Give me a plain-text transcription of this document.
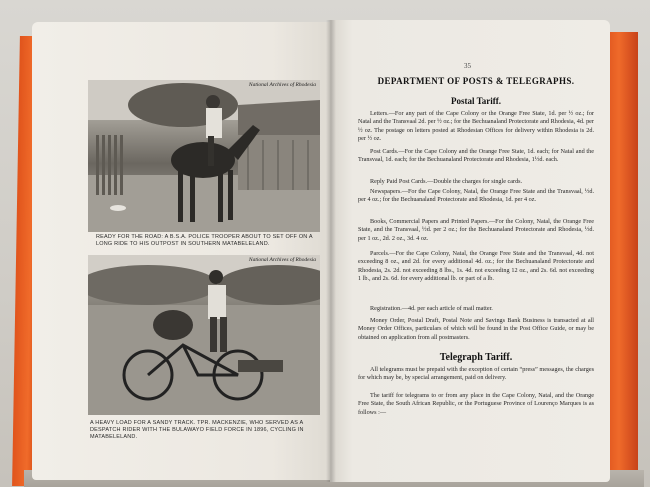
National Archives of Rhodesia
READY FOR THE ROAD: A B.S.A. POLICE TROOPER ABOUT TO SET OFF ON A LONG RIDE TO HIS OUTPOST IN SOUTHERN MATABELELAND.
National Archives of Rhodesia
A HEAVY LOAD FOR A SANDY TRACK. TPR. MACKENZIE, WHO SERVED AS A DESPATCH RIDER WITH THE BULAWAYO FIELD FORCE IN 1896, CYCLING IN MATABELELAND.
35
DEPARTMENT OF POSTS & TELEGRAPHS.
Postal Tariff.
Letters.—For any part of the Cape Colony or the Orange Free State, 1d. per ½ oz.; for Natal and the Transvaal 2d. per ½ oz.; for the Bechuanaland Protectorate and Rhodesia, 4d. per ½ oz. The postage on letters posted at Rhodesian Offices for delivery within Rhodesia is 2d. per ½ oz.
Post Cards.—For the Cape Colony and the Orange Free State, 1d. each; for Natal and the Transvaal, 1d. each; for the Bechuanaland Protectorate and Rhodesia, 1½d. each.
Reply Paid Post Cards.—Double the charges for single cards.
Newspapers.—For the Cape Colony, Natal, the Orange Free State and the Transvaal, ½d. per 4 oz.; for the Bechuanaland Protectorate and Rhodesia, 1d. per 4 oz.
Books, Commercial Papers and Printed Papers.—For the Colony, Natal, the Orange Free State, and the Transvaal, ½d. per 2 oz.; for the Bechuanaland Protectorate and Rhodesia, ½d. per 1 oz., 2d. 2 oz., 3d. 4 oz.
Parcels.—For the Cape Colony, Natal, the Orange Free State and the Transvaal, 4d. not exceeding 8 oz., and 2d. for every additional 4d. oz.; for the Bechuanaland Protectorate and Rhodesia, 2s. 2d. not exceeding 8 lbs., 1s. 4d. not exceeding 12 oz., and 2s. 6d. not exceeding 1 lb., and 2s. 6d. for every additional lb. or part of a lb.
Registration.—4d. per each article of mail matter.
Money Order, Postal Draft, Postal Note and Savings Bank Business is transacted at all Money Order Offices, particulars of which will be found in the Post Office Guide, or may be obtained on application from all postmasters.
Telegraph Tariff.
All telegrams must be prepaid with the exception of certain “press” messages, the charges for which may be, by special arrangement, paid on delivery.
The tariff for telegrams to or from any place in the Cape Colony, Natal, and the Orange Free State, the South African Republic, or the Portuguese Province of Lourenço Marques is as follows :—
